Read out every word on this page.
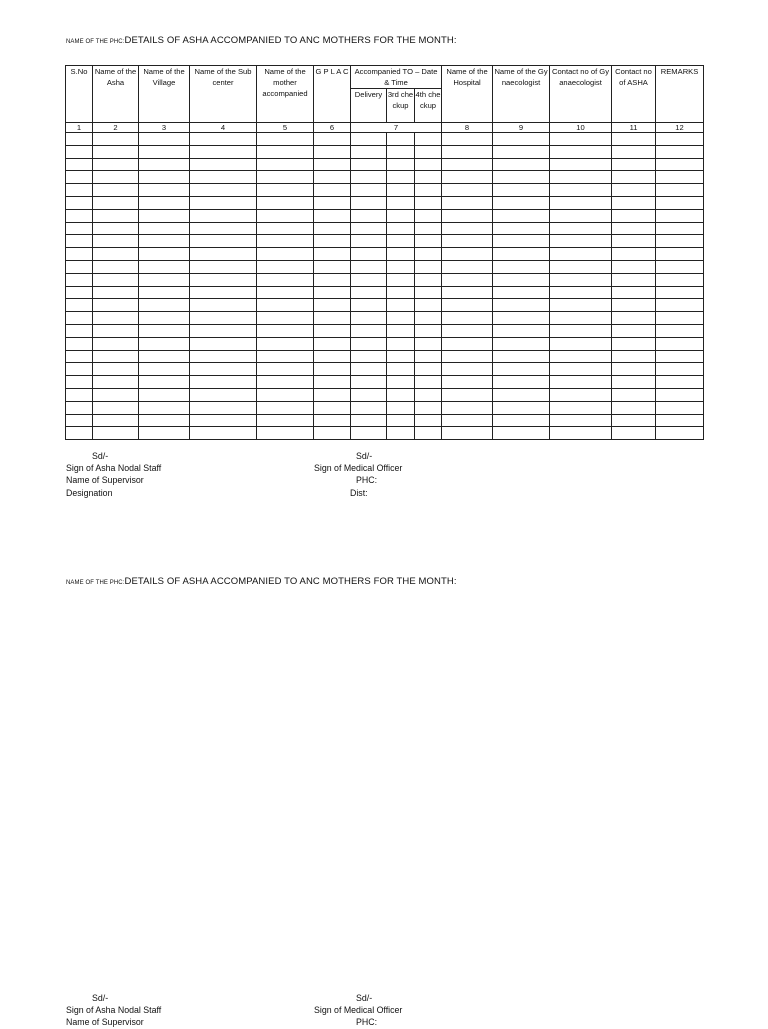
NAME OF THE PHC:DETAILS OF ASHA ACCOMPANIED TO ANC MOTHERS FOR THE MONTH:
S.No	Name of the Asha	Name of the Village	Name of the Sub center	Name of the mother accompanied	G P L A C	Accompanied TO – Date & Time			Name of the Hospital	Name of the Gynaecologist	Contact no of Gyanaecologist	Contact no of ASHA	REMARKS
						Delivery	3rd checkup	4th checkup					
1	2	3	4	5	6	7			8	9	10	11	12

Sd/-
Sign of Asha Nodal Staff
Name of Supervisor
Designation
Sd/-
Sign of Medical Officer
PHC:
Dist:
NAME OF THE PHC:DETAILS OF ASHA ACCOMPANIED TO ANC MOTHERS FOR THE MONTH:
Sd/-
Sign of Asha Nodal Staff
Name of Supervisor
Sd/-
Sign of Medical Officer
PHC:
